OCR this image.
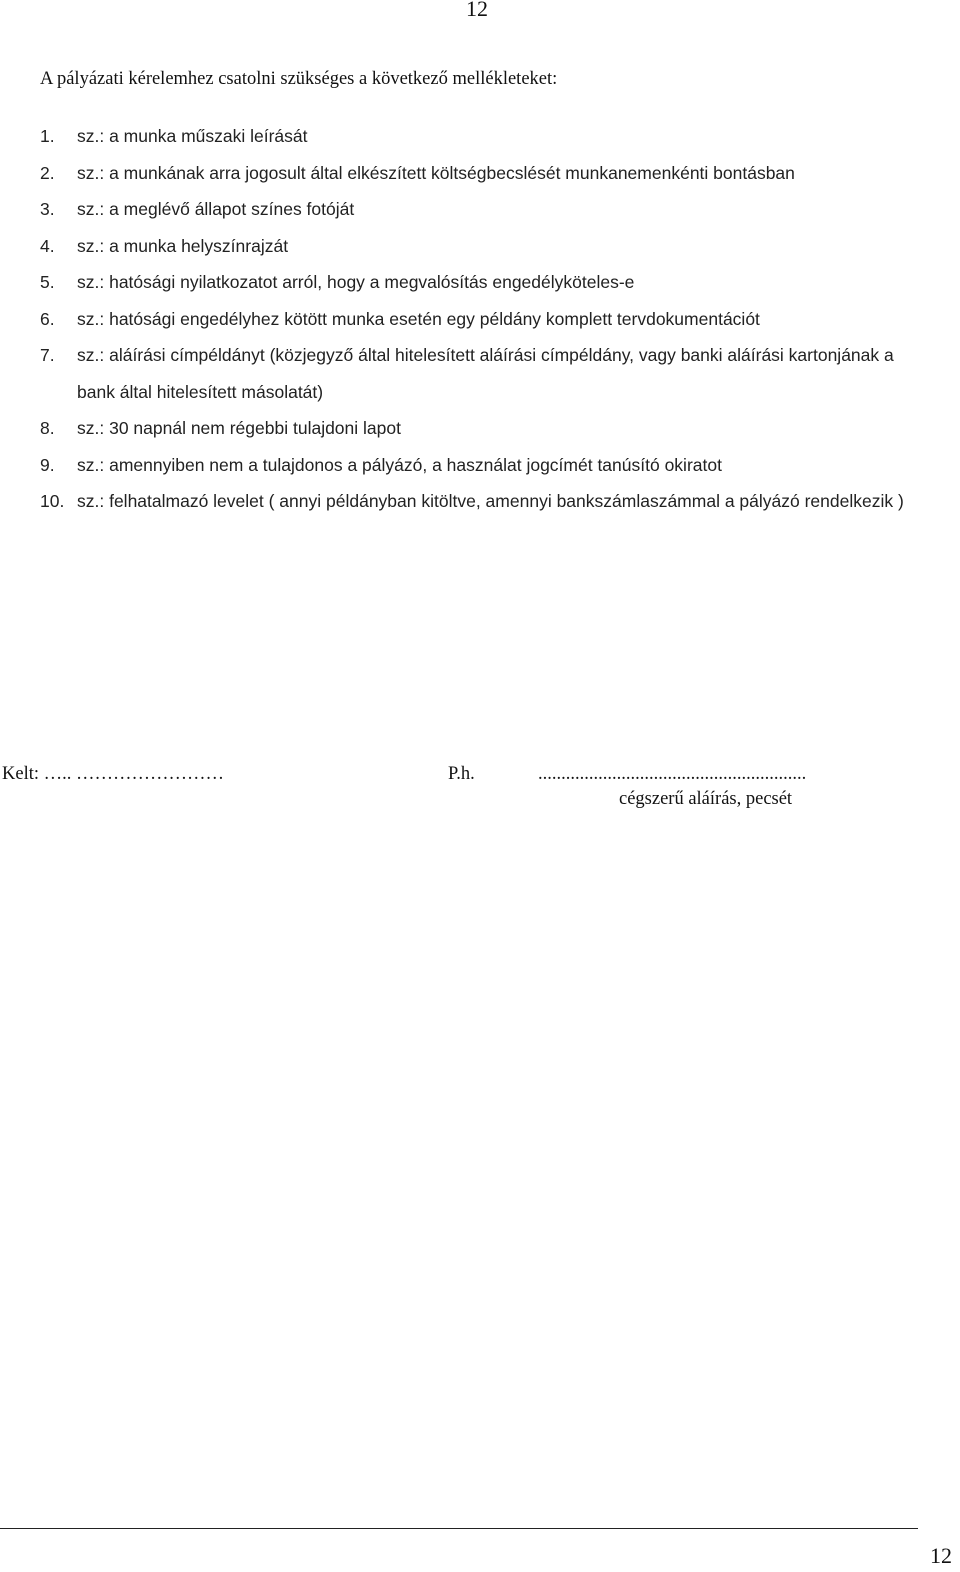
12
A pályázati kérelemhez csatolni szükséges a következő mellékleteket:
1.	sz.: a munka műszaki leírását
2.	sz.: a munkának arra jogosult által elkészített költségbecslését munkanemenkénti bontásban
3.	sz.: a meglévő állapot színes fotóját
4.	sz.: a munka helyszínrajzát
5.	sz.: hatósági nyilatkozatot arról, hogy a megvalósítás engedélyköteles-e
6.	sz.: hatósági engedélyhez kötött munka esetén egy példány komplett tervdokumentációt
7.	sz.: aláírási címpéldányt (közjegyző által hitelesített aláírási címpéldány, vagy banki aláírási kartonjának a bank által hitelesített másolatát)
8.	sz.: 30 napnál nem régebbi tulajdoni lapot
9.	sz.: amennyiben nem a tulajdonos a pályázó, a használat jogcímét tanúsító okiratot
10. sz.: felhatalmazó levelet ( annyi példányban kitöltve, amennyi bankszámlaszámmal a pályázó rendelkezik )
Kelt: ….. ……………………	P.h.	..........................................................
cégszerű aláírás, pecsét
12
